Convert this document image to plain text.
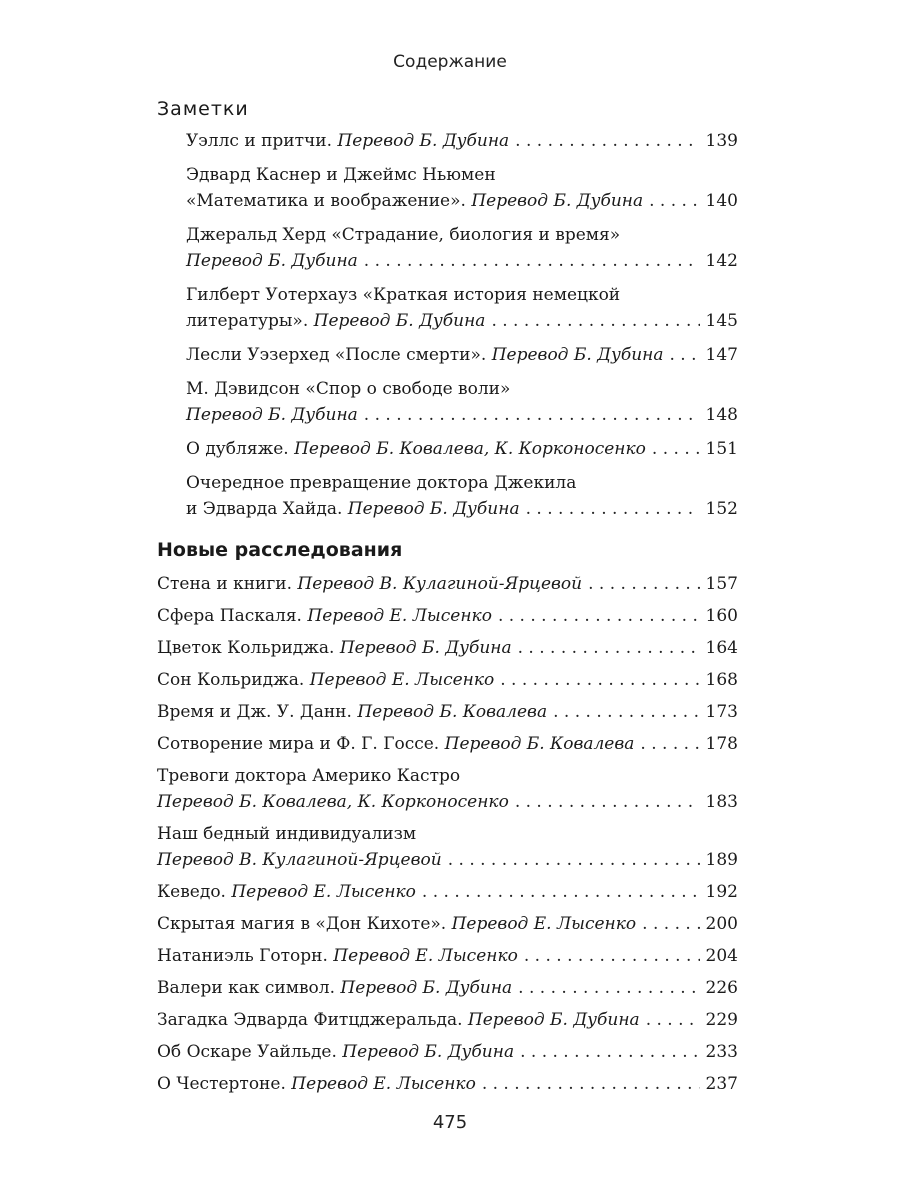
Содержание
Заметки
Уэллс и притчи. Перевод Б. Дубина . . .	139
Эдвард Каснер и Джеймс Ньюмен
«Математика и воображение». Перевод Б. Дубина . . .	140
Джеральд Херд «Страдание, биология и время»
Перевод Б. Дубина . . .	142
Гилберт Уотерхауз «Краткая история немецкой
литературы». Перевод Б. Дубина . . .	145
Лесли Уэзерхед «После смерти». Перевод Б. Дубина . . . 147
М. Дэвидсон «Спор о свободе воли»
Перевод Б. Дубина . . .	148
О дубляже. Перевод Б. Ковалева, К. Корконосенко . . .	151
Очередное превращение доктора Джекила
и Эдварда Хайда. Перевод Б. Дубина . . .	152
Новые расследования
Стена и книги. Перевод В. Кулагиной-Ярцевой . . .	157
Сфера Паскаля. Перевод Е. Лысенко . . .	160
Цветок Кольриджа. Перевод Б. Дубина . . .	164
Сон Кольриджа. Перевод Е. Лысенко . . .	168
Время и Дж. У. Данн. Перевод Б. Ковалева . . .	173
Сотворение мира и Ф. Г. Госсе. Перевод Б. Ковалева . . .	178
Тревоги доктора Америко Кастро
Перевод Б. Ковалева, К. Корконосенко . . .	183
Наш бедный индивидуализм
Перевод В. Кулагиной-Ярцевой . . .	189
Кеведо. Перевод Е. Лысенко . . .	192
Скрытая магия в «Дон Кихоте». Перевод Е. Лысенко . . .	200
Натаниэль Готорн. Перевод Е. Лысенко . . .	204
Валери как символ. Перевод Б. Дубина . . .	226
Загадка Эдварда Фитцджеральда. Перевод Б. Дубина . . .	229
Об Оскаре Уайльде. Перевод Б. Дубина . . .	233
О Честертоне. Перевод Е. Лысенко . . .	237
475
